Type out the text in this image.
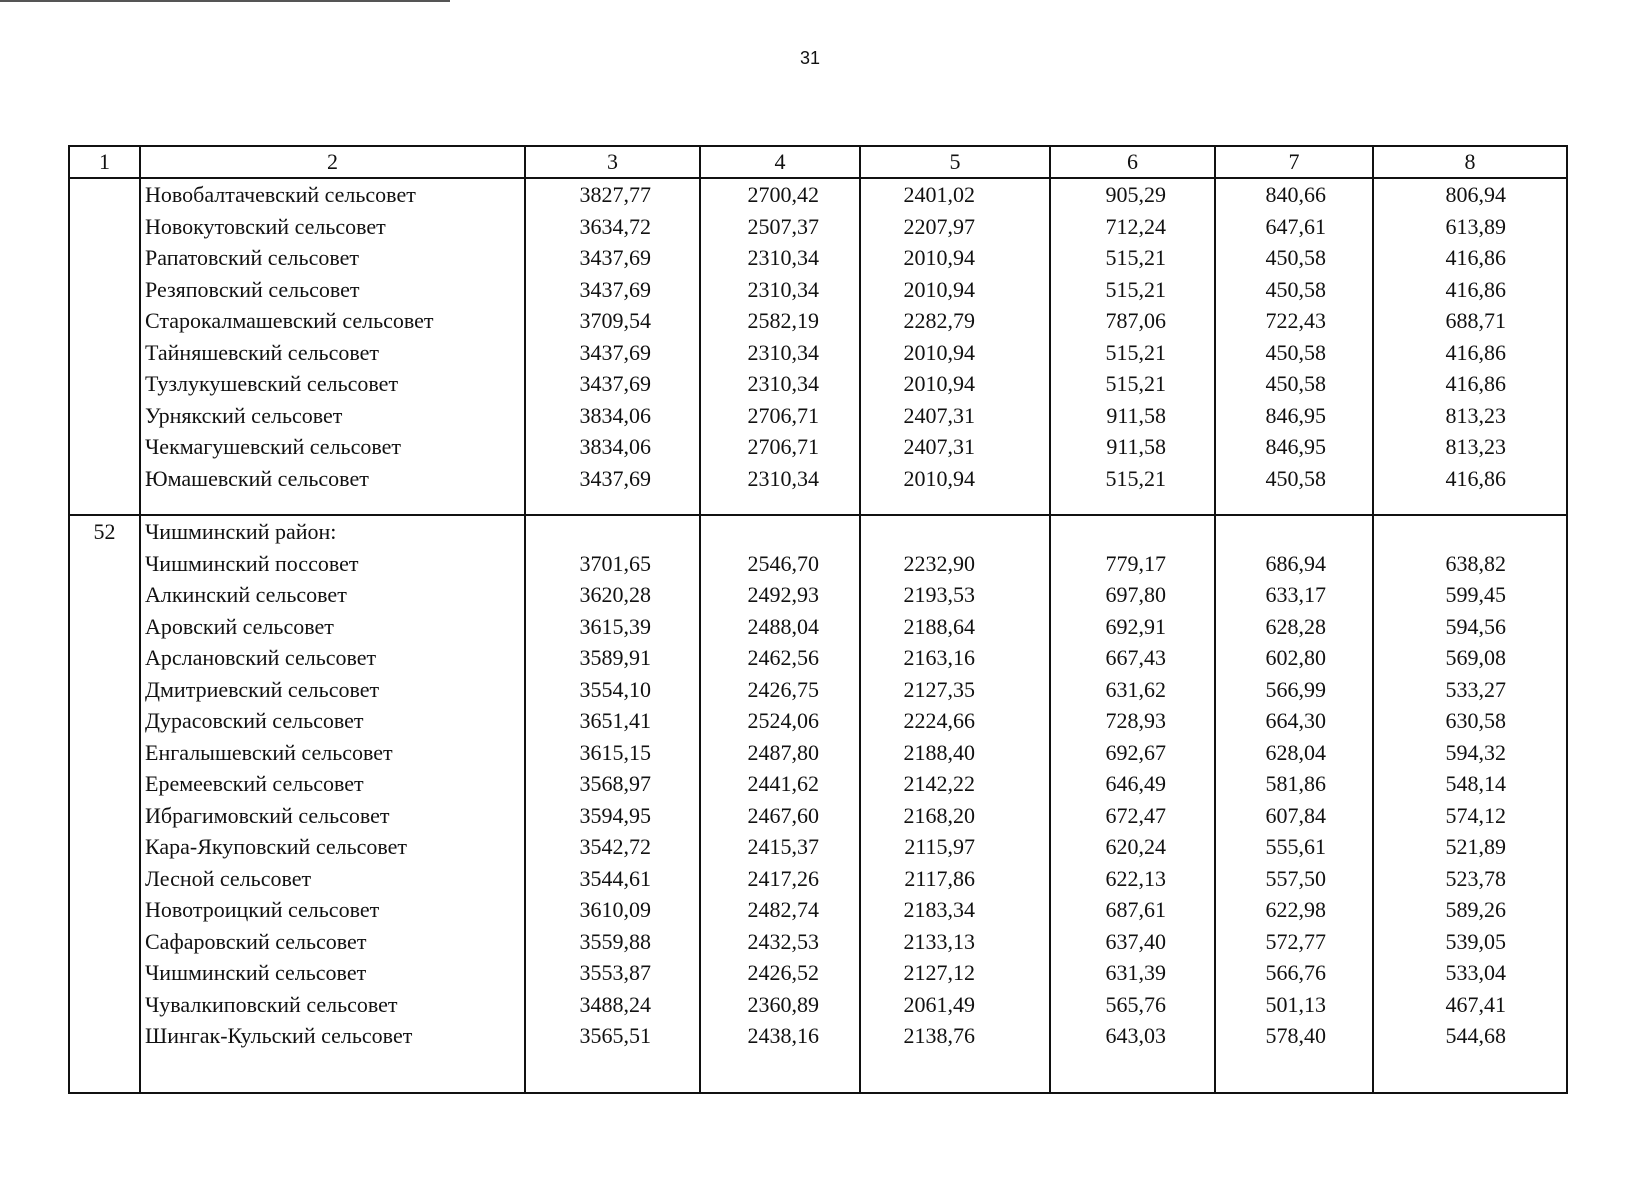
31
1	2	3	4	5	6	7	8
	Новобалтачевский сельсовет	3827,77	2700,42	2401,02	905,29	840,66	806,94
	Новокутовский сельсовет	3634,72	2507,37	2207,97	712,24	647,61	613,89
	Рапатовский сельсовет	3437,69	2310,34	2010,94	515,21	450,58	416,86
	Резяповский сельсовет	3437,69	2310,34	2010,94	515,21	450,58	416,86
	Старокалмашевский сельсовет	3709,54	2582,19	2282,79	787,06	722,43	688,71
	Тайняшевский сельсовет	3437,69	2310,34	2010,94	515,21	450,58	416,86
	Тузлукушевский сельсовет	3437,69	2310,34	2010,94	515,21	450,58	416,86
	Урнякский сельсовет	3834,06	2706,71	2407,31	911,58	846,95	813,23
	Чекмагушевский сельсовет	3834,06	2706,71	2407,31	911,58	846,95	813,23
	Юмашевский сельсовет	3437,69	2310,34	2010,94	515,21	450,58	416,86

52	Чишминский район:						
	Чишминский поссовет	3701,65	2546,70	2232,90	779,17	686,94	638,82
	Алкинский сельсовет	3620,28	2492,93	2193,53	697,80	633,17	599,45
	Аровский сельсовет	3615,39	2488,04	2188,64	692,91	628,28	594,56
	Арслановский сельсовет	3589,91	2462,56	2163,16	667,43	602,80	569,08
	Дмитриевский сельсовет	3554,10	2426,75	2127,35	631,62	566,99	533,27
	Дурасовский сельсовет	3651,41	2524,06	2224,66	728,93	664,30	630,58
	Енгалышевский сельсовет	3615,15	2487,80	2188,40	692,67	628,04	594,32
	Еремеевский сельсовет	3568,97	2441,62	2142,22	646,49	581,86	548,14
	Ибрагимовский сельсовет	3594,95	2467,60	2168,20	672,47	607,84	574,12
	Кара-Якуповский сельсовет	3542,72	2415,37	2115,97	620,24	555,61	521,89
	Лесной сельсовет	3544,61	2417,26	2117,86	622,13	557,50	523,78
	Новотроицкий сельсовет	3610,09	2482,74	2183,34	687,61	622,98	589,26
	Сафаровский сельсовет	3559,88	2432,53	2133,13	637,40	572,77	539,05
	Чишминский сельсовет	3553,87	2426,52	2127,12	631,39	566,76	533,04
	Чувалкиповский сельсовет	3488,24	2360,89	2061,49	565,76	501,13	467,41
	Шингак-Кульский сельсовет	3565,51	2438,16	2138,76	643,03	578,40	544,68
